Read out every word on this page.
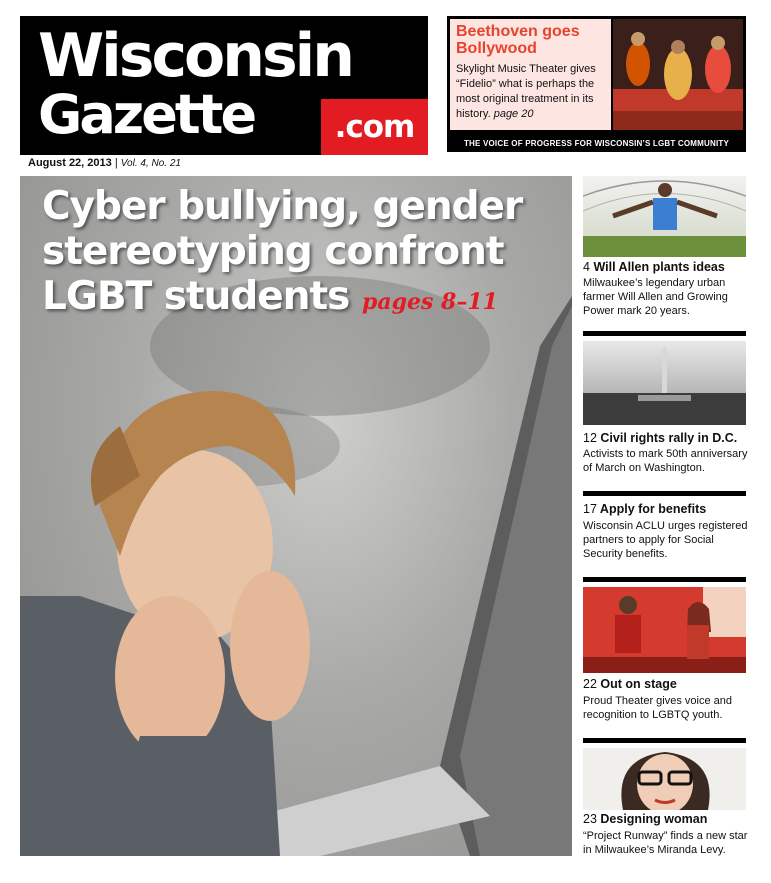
Wisconsin
Gazette	.com

Beethoven goes Bollywood

Skylight Music Theater gives “Fidelio” what is perhaps the most original treatment in its history. page 20

THE VOICE OF PROGRESS FOR WISCONSIN’S LGBT COMMUNITY
August 22, 2013 | Vol. 4, No. 21

Cyber bullying, gender stereotyping confront LGBT students pages 8–11

4 Will Allen plants ideas

Milwaukee’s legendary urban farmer Will Allen and Growing Power mark 20 years.

12 Civil rights rally in D.C.

Activists to mark 50th anniversary of March on Washington.

17 Apply for benefits

Wisconsin ACLU urges registered partners to apply for Social Security benefits.

22 Out on stage

Proud Theater gives voice and recognition to LGBTQ youth.

23 Designing woman

“Project Runway” finds a new star in Milwaukee’s Miranda Levy.
